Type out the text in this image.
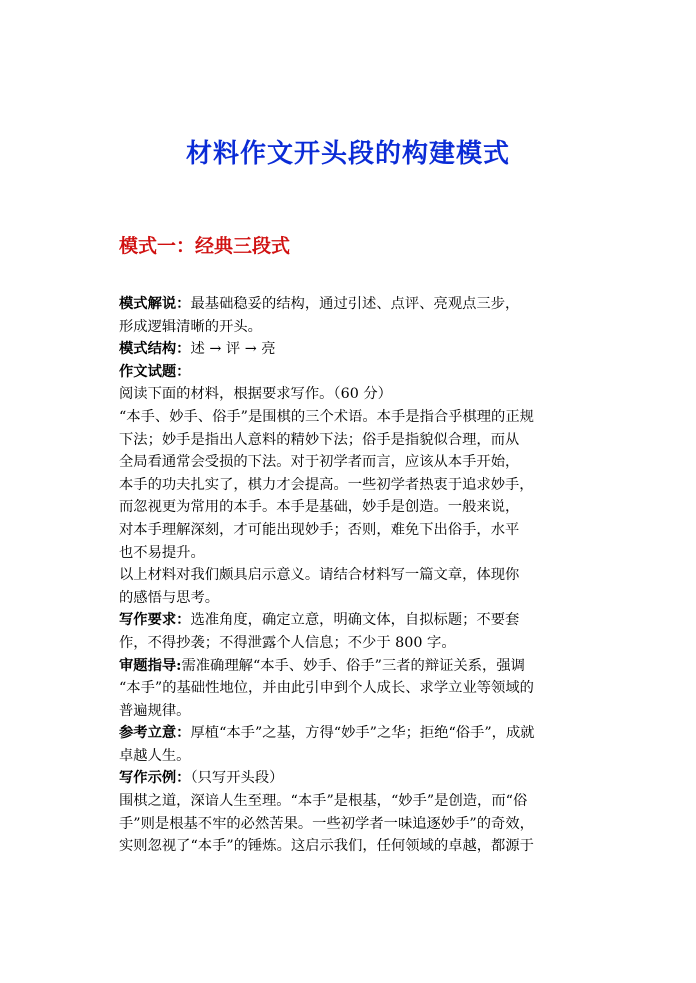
材料作文开头段的构建模式
模式一：经典三段式

模式解说：最基础稳妥的结构，通过引述、点评、亮观点三步，

形成逻辑清晰的开头。

模式结构：述 → 评 → 亮

作文试题：

阅读下面的材料，根据要求写作。（60 分）

“本手、妙手、俗手”是围棋的三个术语。本手是指合乎棋理的正规

下法；妙手是指出人意料的精妙下法；俗手是指貌似合理，而从

全局看通常会受损的下法。对于初学者而言，应该从本手开始，

本手的功夫扎实了，棋力才会提高。一些初学者热衷于追求妙手，

而忽视更为常用的本手。本手是基础，妙手是创造。一般来说，

对本手理解深刻，才可能出现妙手；否则，难免下出俗手，水平

也不易提升。

以上材料对我们颇具启示意义。请结合材料写一篇文章，体现你

的感悟与思考。

写作要求：选准角度，确定立意，明确文体，自拟标题；不要套

作，不得抄袭；不得泄露个人信息；不少于 800 字。

审题指导:需准确理解“本手、妙手、俗手”三者的辩证关系，强调

“本手”的基础性地位，并由此引申到个人成长、求学立业等领域的

普遍规律。

参考立意：厚植“本手”之基，方得“妙手”之华；拒绝“俗手”，成就

卓越人生。

写作示例：（只写开头段）

围棋之道，深谙人生至理。“本手”是根基，“妙手”是创造，而“俗

手”则是根基不牢的必然苦果。一些初学者一味追逐妙手”的奇效，

实则忽视了“本手”的锤炼。这启示我们，任何领域的卓越，都源于
